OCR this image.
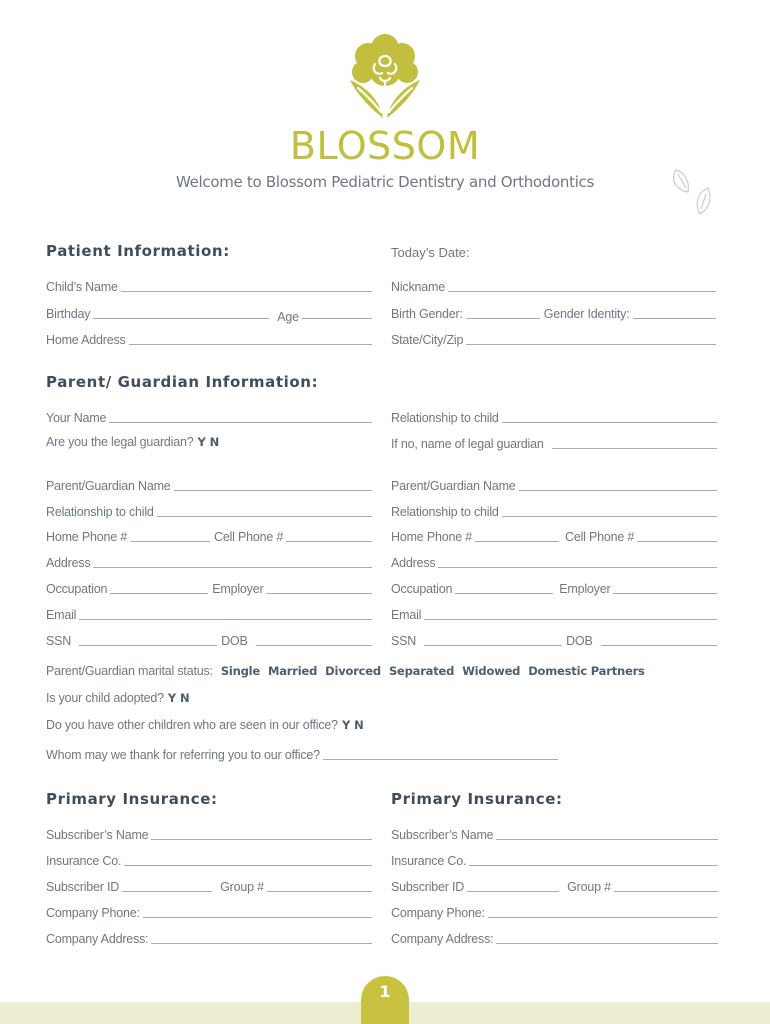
BLOSSOM
Welcome to Blossom Pediatric Dentistry and Orthodontics
Patient Information:	Today’s Date:
Child’s Name	Nickname
Birthday	Age	Birth Gender:	Gender Identity:
Home Address	State/City/Zip
Parent/ Guardian Information:
Your Name	Relationship to child
Are you the legal guardian? Y N	If no, name of legal guardian
Parent/Guardian Name
Relationship to child
Home Phone #	Cell Phone #
Address
Occupation	Employer
Email
SSN	DOB
Parent/Guardian Name
Relationship to child
Home Phone #	Cell Phone #
Address
Occupation	Employer
Email
SSN	DOB
Parent/Guardian marital status: Single Married Divorced Separated Widowed Domestic Partners
Is your child adopted? Y N
Do you have other children who are seen in our office? Y N
Whom may we thank for referring you to our office?
Primary Insurance:	Primary Insurance:
Subscriber’s Name
Insurance Co.
Subscriber ID	Group #
Company Phone:
Company Address:
Subscriber’s Name
Insurance Co.
Subscriber ID	Group #
Company Phone:
Company Address:
1
